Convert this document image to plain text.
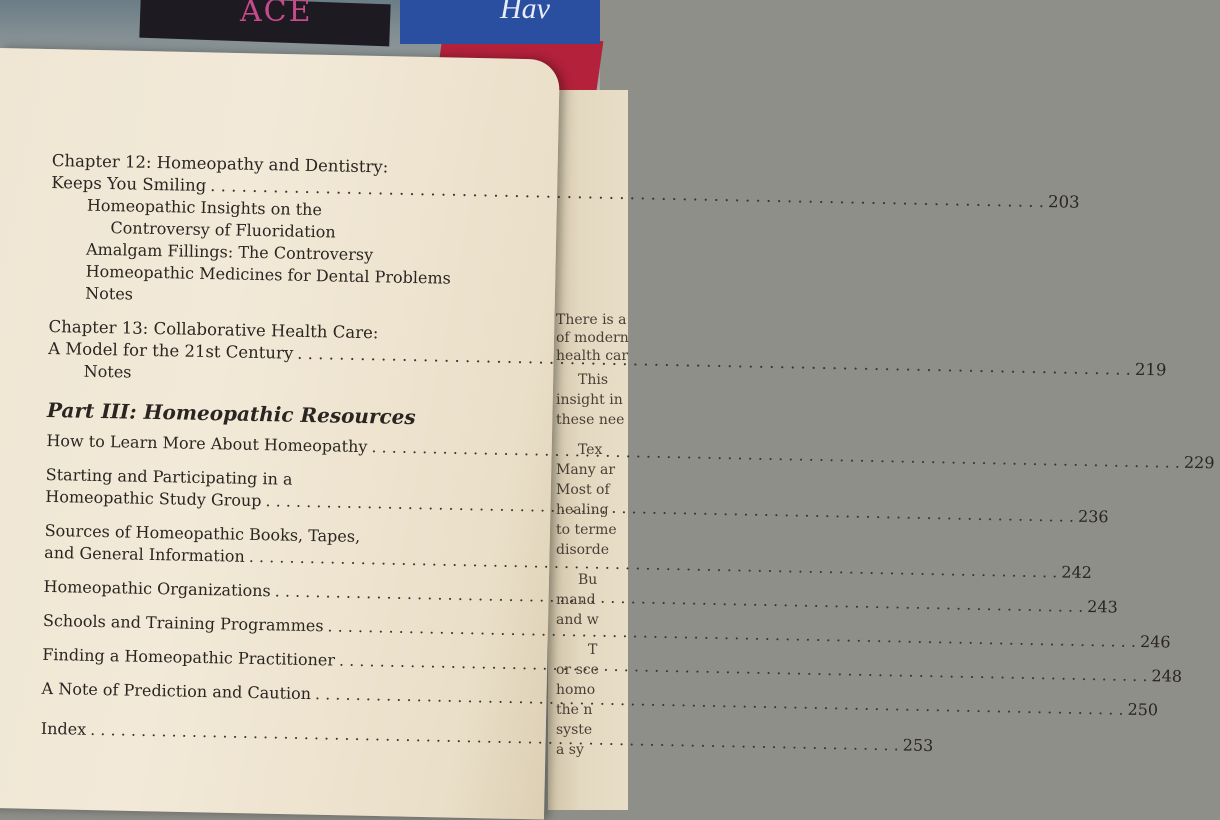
ACE	Hav
There is a
of modern
health car
This
insight in
these nee
Tex
Many ar
Most of
healing
to terme
disorde
Bu
mand
and w
T
or sce
homo
the n
syste
a sy
Chapter 12: Homeopathy and Dentistry:
Keeps You Smiling
. . .
203
Homeopathic Insights on the
Controversy of Fluoridation
Amalgam Fillings: The Controversy
Homeopathic Medicines for Dental Problems
Notes
Chapter 13: Collaborative Health Care:
A Model for the 21st Century
. . .
219
Notes
Part III: Homeopathic Resources
How to Learn More About Homeopathy
. . .
229
Starting and Participating in a
Homeopathic Study Group
. . .
236
Sources of Homeopathic Books, Tapes,
and General Information
. . .
242
Homeopathic Organizations
. . .
243
Schools and Training Programmes
. . .
246
Finding a Homeopathic Practitioner
. . .
248
A Note of Prediction and Caution
. . .
250
Index
. . .
253
